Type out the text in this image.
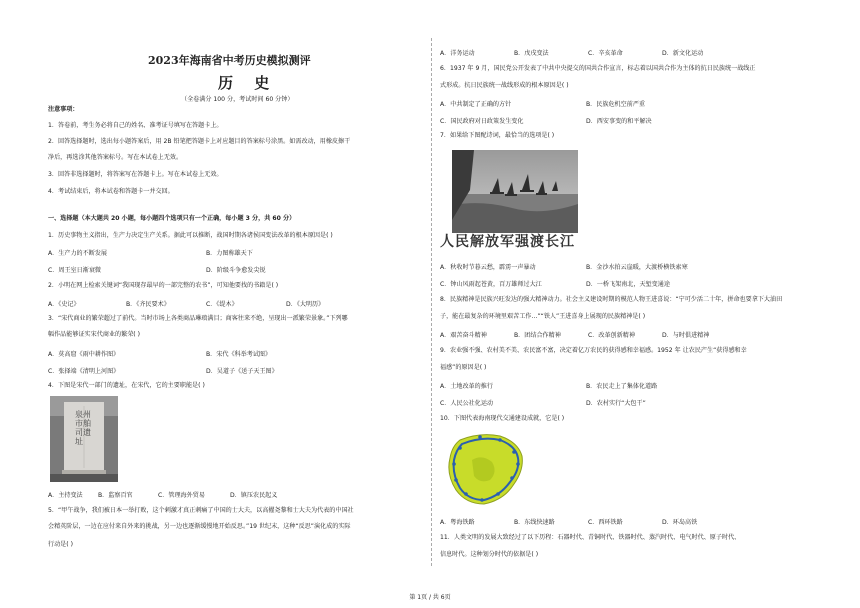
2023年海南省中考历史模拟测评
历 史
（全卷满分 100 分，考试时间 60 分钟）
注意事项：
1．答卷前，考生务必将自己的姓名、准考证号填写在答题卡上。
2．回答选择题时，选出每小题答案后，用 2B 铅笔把答题卡上对应题目的答案标号涂黑。如需改动，用橡皮擦干
净后，再选涂其他答案标号。写在本试卷上无效。
3．回答非选择题时，将答案写在答题卡上。写在本试卷上无效。
4．考试结束后，将本试卷和答题卡一并交回。
一、选择题（本大题共 20 小题，每小题四个选项只有一个正确，每小题 3 分，共 60 分）
1．历史事物主义指出，生产力决定生产关系。据此可以推断，战国时期各诸侯国变法改革的根本原因是( )
A．生产力的不断发展	B．力图称雄天下
C．周王室日渐衰微	D．阶级斗争愈发尖锐
2．小明在网上检索关键词“我国现存最早的一部完整的农书”，可知他要找的书籍是( )
A．《史记》	B．《齐民要术》	C．《缇木》	D．《大明历》
3．“宋代商业的繁荣超过了前代。当时市场上各类商品琳琅满目；商客往来不绝，呈现出一派繁荣景象。”下列哪
幅作品能够证实宋代商业的繁荣( )
A．莫高窟《雨中耕作图》	B．宋代《科举考试图》
C．张择端《清明上河图》	D．吴道子《送子天王图》
4．下图是宋代一部门的遗址，在宋代，它的主要职能是( )
泉州市舶司遗址
A．主持变法	B．监察百官	C．管理海外贸易	D．镇压农民起义
5．“甲午战争，我们被日本一举打败，这个刺激才真正刺痛了中国的士大夫，以高擢尧黎和士大夫为代表的中国社
会精英阶层，一边在应付来自外来的挑战，另一边也逐渐缓慢地开始反思。”19 世纪末，这种“反思”演化成的实际
行动是( )
A．洋务运动	B．戊戌变法	C．辛亥革命	D．新文化运动
6．1937 年 9 月，国民党公开发表了中共中央提交的国共合作宣言，标志着以国共合作为主体的抗日民族统一战线正
式形成。抗日民族统一战线形成的根本原因是( )
A．中共制定了正确的方针	B．民族危机空前严重
C．国民政府对日政策发生变化	D．西安事变的和平解决
7．如果给下图配诗词，最恰当的选项是( )
人民解放军强渡长江
A．秋收时节暮云愁，霹雳一声暴动	B．金沙水拍云崖暖，大渡桥横铁索寒
C．钟山风雨起苍黄，百万雄师过大江	D．一桥飞架南北，天堑变通途
8．民族精神是民族兴旺发达的强大精神动力。社会主义建设时期的模范人物王进喜说：“宁可少活二十年，拼命也要拿下大油田
子，能在最复杂的环境里艰苦工作…”“铁人”王进喜身上展现的民族精神是( )
A．艰苦奋斗精神	B．团结合作精神	C．改革创新精神	D．与时俱进精神
9．农业强不强、农村美不美、农民富不富，决定着亿万农民的获得感和幸福感。1952 年 让农民产生“获得感和幸
福感”的原因是( )
A．土地改革的推行	B．农民走上了集体化道路
C．人民公社化运动	D．农村实行“大包干”
10．下图代表海南现代交通建设成就，它是( )
A．粤海铁路	B．东线快速路	C．西环铁路	D．环岛高铁
11．人类文明的发展大致经过了以下历程：石器时代、青铜时代、铁器时代、蒸汽时代、电气时代、原子时代、
信息时代。这种划分时代的依据是( )
第 1页 / 共 6页
